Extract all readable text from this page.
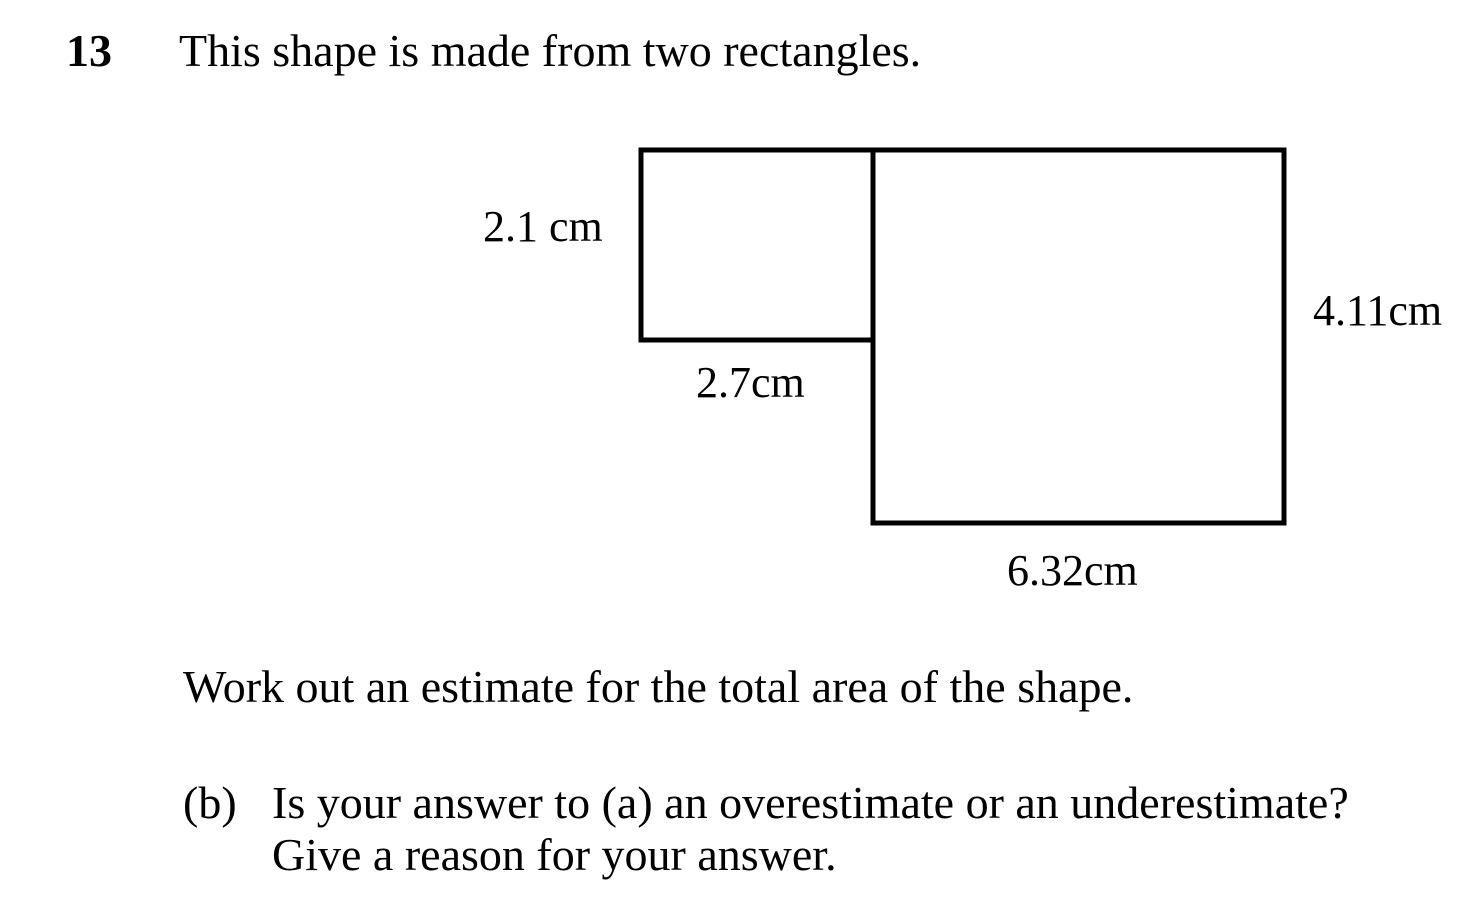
13 This shape is made from two rectangles.
2.1 cm
2.7cm
4.11cm
6.32cm
Work out an estimate for the total area of the shape.
(b) Is your answer to (a) an overestimate or an underestimate?
Give a reason for your answer.
